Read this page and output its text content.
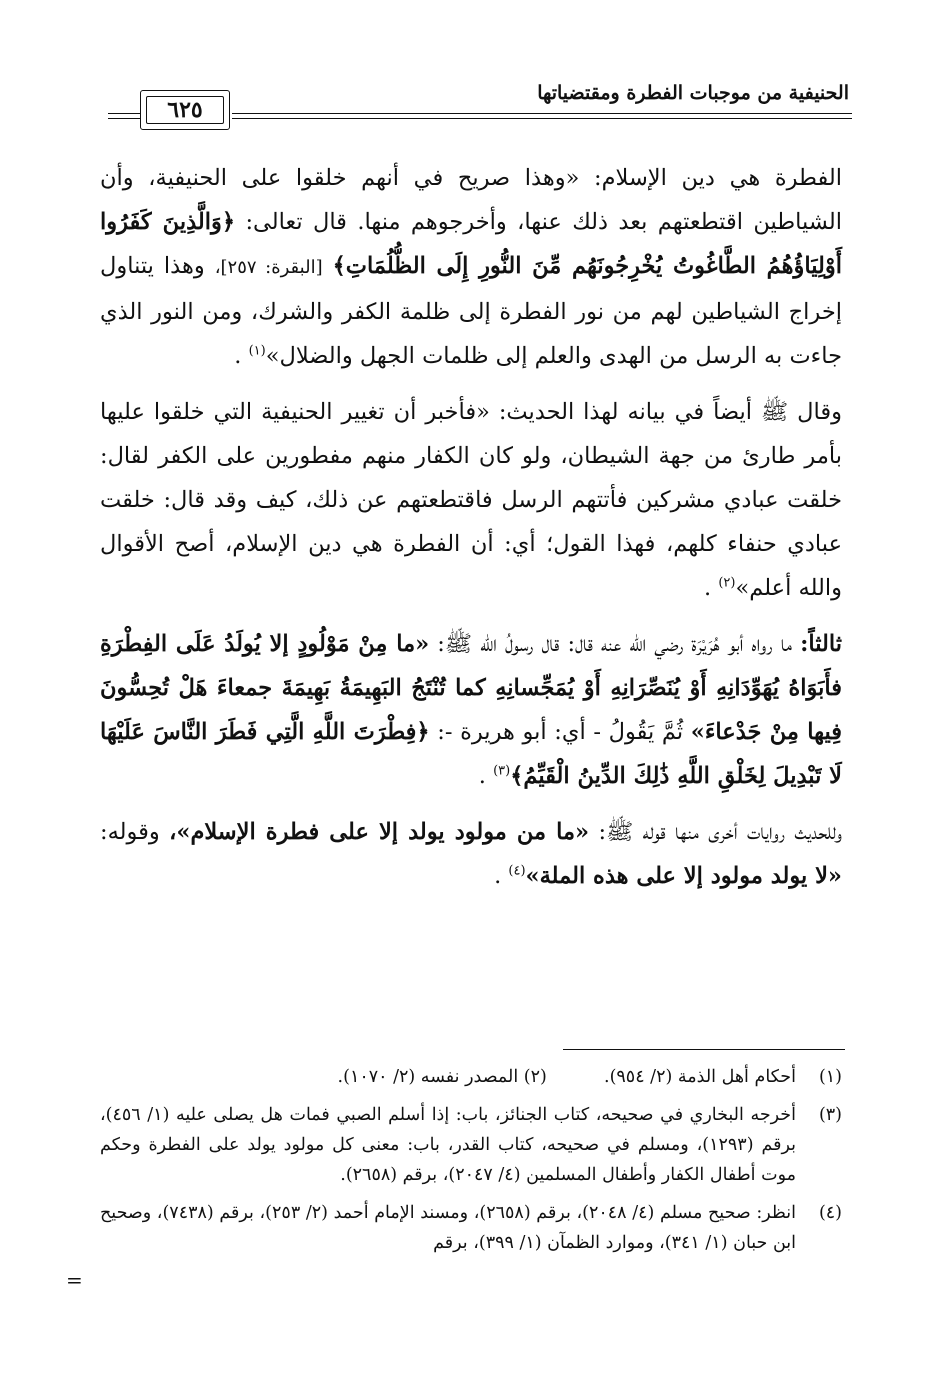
الحنيفية من موجبات الفطرة ومقتضياتها
٦٢٥

الفطرة هي دين الإسلام: «وهذا صريح في أنهم خلقوا على الحنيفية، وأن الشياطين اقتطعتهم بعد ذلك عنها، وأخرجوهم منها. قال تعالى: ﴿وَالَّذِينَ كَفَرُوا أَوْلِيَاؤُهُمُ الطَّاغُوتُ يُخْرِجُونَهُم مِّنَ النُّورِ إِلَى الظُّلُمَاتِ﴾ [البقرة: ٢٥٧]، وهذا يتناول إخراج الشياطين لهم من نور الفطرة إلى ظلمة الكفر والشرك، ومن النور الذي جاءت به الرسل من الهدى والعلم إلى ظلمات الجهل والضلال»$^{(١)}$ .

وقال ﷺ أيضاً في بيانه لهذا الحديث: «فأخبر أن تغيير الحنيفية التي خلقوا عليها بأمر طارئ من جهة الشيطان، ولو كان الكفار منهم مفطورين على الكفر لقال: خلقت عبادي مشركين فأتتهم الرسل فاقتطعتهم عن ذلك، كيف وقد قال: خلقت عبادي حنفاء كلهم، فهذا القول؛ أي: أن الفطرة هي دين الإسلام، أصح الأقوال والله أعلم»$^{(٢)}$ .

ثالثاً: ما رواه أبو هُرَيْرَة رضي الله عنه قال: قال رسولُ الله ﷺ: «ما مِنْ مَوْلُودٍ إلا يُولَدُ عَلَى الفِطْرَةِ فأَبَوَاهُ يُهَوِّدَانِهِ أَوْ يُنَصِّرَانِهِ أَوْ يُمَجِّسانِهِ كما تُنْتَجُ البَهِيمَةُ بَهِيمَةَ جمعاءَ هَلْ تُحِسُّونَ فِيها مِنْ جَدْعاءَ» ثُمَّ يَقُولُ - أي: أبو هريرة -: ﴿فِطْرَتَ اللَّهِ الَّتِي فَطَرَ النَّاسَ عَلَيْهَا لَا تَبْدِيلَ لِخَلْقِ اللَّهِ ذَٰلِكَ الدِّينُ الْقَيِّمُ﴾$^{(٣)}$ .

وللحديث روايات أخرى منها قوله ﷺ: «ما من مولود يولد إلا على فطرة الإسلام»، وقوله: «لا يولد مولود إلا على هذه الملة»$^{(٤)}$ .

(١)
أحكام أهل الذمة (٢/ ٩٥٤).  (٢) المصدر نفسه (٢/ ١٠٧٠).
(٣)
أخرجه البخاري في صحيحه، كتاب الجنائز، باب: إذا أسلم الصبي فمات هل يصلى عليه (١/ ٤٥٦)، برقم (١٢٩٣)، ومسلم في صحيحه، كتاب القدر، باب: معنى كل مولود يولد على الفطرة وحكم موت أطفال الكفار وأطفال المسلمين (٤/ ٢٠٤٧)، برقم (٢٦٥٨).
(٤)
انظر: صحيح مسلم (٤/ ٢٠٤٨)، برقم (٢٦٥٨)، ومسند الإمام أحمد (٢/ ٢٥٣)، برقم (٧٤٣٨)، وصحيح ابن حبان (١/ ٣٤١)، وموارد الظمآن (١/ ٣٩٩)، برقم
=
